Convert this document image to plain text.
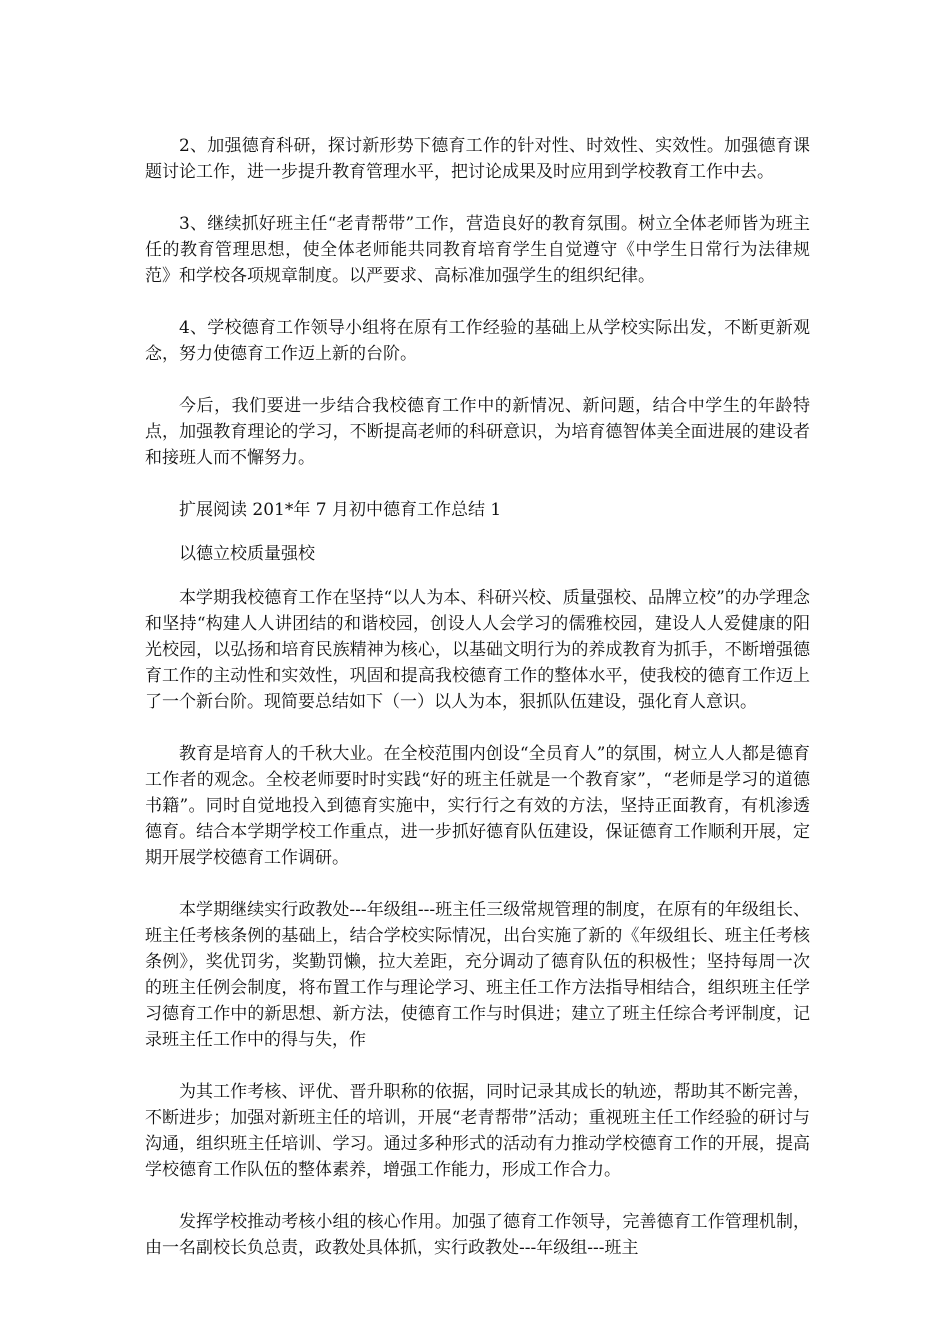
2、加强德育科研，探讨新形势下德育工作的针对性、时效性、实效性。加强德育课题讨论工作，进一步提升教育管理水平，把讨论成果及时应用到学校教育工作中去。

3、继续抓好班主任“老青帮带”工作，营造良好的教育氛围。树立全体老师皆为班主任的教育管理思想，使全体老师能共同教育培育学生自觉遵守《中学生日常行为法律规范》和学校各项规章制度。以严要求、高标准加强学生的组织纪律。

4、学校德育工作领导小组将在原有工作经验的基础上从学校实际出发，不断更新观念，努力使德育工作迈上新的台阶。

今后，我们要进一步结合我校德育工作中的新情况、新问题，结合中学生的年龄特点，加强教育理论的学习，不断提高老师的科研意识，为培育德智体美全面进展的建设者和接班人而不懈努力。

扩展阅读 201*年 7 月初中德育工作总结 1

以德立校质量强校

本学期我校德育工作在坚持“以人为本、科研兴校、质量强校、品牌立校”的办学理念和坚持“构建人人讲团结的和谐校园，创设人人会学习的儒雅校园，建设人人爱健康的阳光校园，以弘扬和培育民族精神为核心，以基础文明行为的养成教育为抓手，不断增强德育工作的主动性和实效性，巩固和提高我校德育工作的整体水平，使我校的德育工作迈上了一个新台阶。现简要总结如下（一）以人为本，狠抓队伍建设，强化育人意识。

教育是培育人的千秋大业。在全校范围内创设“全员育人”的氛围，树立人人都是德育工作者的观念。全校老师要时时实践“好的班主任就是一个教育家”，“老师是学习的道德书籍”。同时自觉地投入到德育实施中，实行行之有效的方法，坚持正面教育，有机渗透德育。结合本学期学校工作重点，进一步抓好德育队伍建设，保证德育工作顺利开展，定期开展学校德育工作调研。

本学期继续实行政教处---年级组---班主任三级常规管理的制度，在原有的年级组长、班主任考核条例的基础上，结合学校实际情况，出台实施了新的《年级组长、班主任考核条例》，奖优罚劣，奖勤罚懒，拉大差距，充分调动了德育队伍的积极性；坚持每周一次的班主任例会制度，将布置工作与理论学习、班主任工作方法指导相结合，组织班主任学习德育工作中的新思想、新方法，使德育工作与时俱进；建立了班主任综合考评制度，记录班主任工作中的得与失，作

为其工作考核、评优、晋升职称的依据，同时记录其成长的轨迹，帮助其不断完善，不断进步；加强对新班主任的培训，开展“老青帮带”活动；重视班主任工作经验的研讨与沟通，组织班主任培训、学习。通过多种形式的活动有力推动学校德育工作的开展，提高学校德育工作队伍的整体素养，增强工作能力，形成工作合力。

发挥学校推动考核小组的核心作用。加强了德育工作领导，完善德育工作管理机制，由一名副校长负总责，政教处具体抓，实行政教处---年级组---班主
